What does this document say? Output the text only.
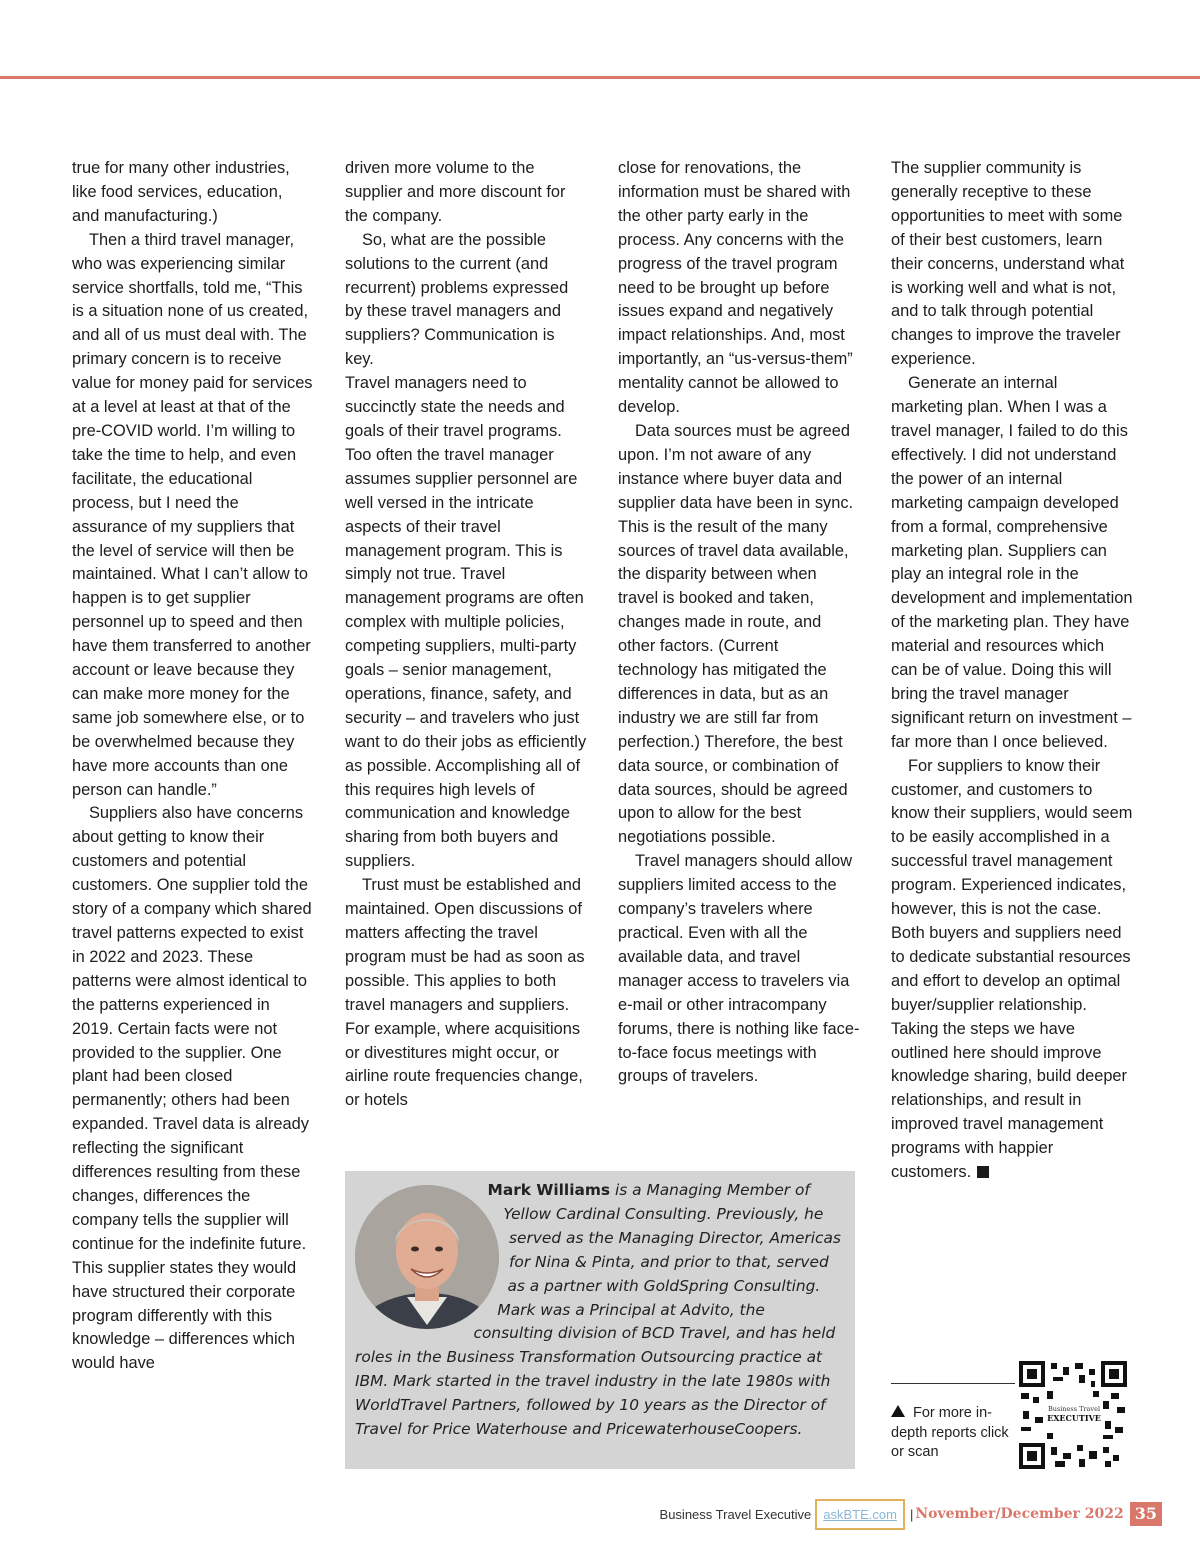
true for many other industries, like food services, education, and manufacturing.)

Then a third travel manager, who was experiencing similar service shortfalls, told me, “This is a situation none of us created, and all of us must deal with. The primary concern is to receive value for money paid for services at a level at least at that of the pre-COVID world. I’m willing to take the time to help, and even facilitate, the educational process, but I need the assurance of my suppliers that the level of service will then be maintained. What I can’t allow to happen is to get supplier personnel up to speed and then have them transferred to another account or leave because they can make more money for the same job somewhere else, or to be overwhelmed because they have more accounts than one person can handle.”

Suppliers also have concerns about getting to know their customers and potential customers. One supplier told the story of a company which shared travel patterns expected to exist in 2022 and 2023. These patterns were almost identical to the patterns experienced in 2019. Certain facts were not provided to the supplier. One plant had been closed permanently; others had been expanded. Travel data is already reflecting the significant differences resulting from these changes, differences the company tells the supplier will continue for the indefinite future.

This supplier states they would have structured their corporate program differently with this knowledge – differences which would have

driven more volume to the supplier and more discount for the company.

So, what are the possible solutions to the current (and recurrent) problems expressed by these travel managers and suppliers? Communication is key.

Travel managers need to succinctly state the needs and goals of their travel programs. Too often the travel manager assumes supplier personnel are well versed in the intricate aspects of their travel management program. This is simply not true. Travel management programs are often complex with multiple policies, competing suppliers, multi-party goals – senior management, operations, finance, safety, and security – and travelers who just want to do their jobs as efficiently as possible. Accomplishing all of this requires high levels of communication and knowledge sharing from both buyers and suppliers.

Trust must be established and maintained. Open discussions of matters affecting the travel program must be had as soon as possible. This applies to both travel managers and suppliers. For example, where acquisitions or divestitures might occur, or airline route frequencies change, or hotels

close for renovations, the information must be shared with the other party early in the process. Any concerns with the progress of the travel program need to be brought up before issues expand and negatively impact relationships. And, most importantly, an “us-versus-them” mentality cannot be allowed to develop.

Data sources must be agreed upon. I’m not aware of any instance where buyer data and supplier data have been in sync. This is the result of the many sources of travel data available, the disparity between when travel is booked and taken, changes made in route, and other factors. (Current technology has mitigated the differences in data, but as an industry we are still far from perfection.) Therefore, the best data source, or combination of data sources, should be agreed upon to allow for the best negotiations possible.

Travel managers should allow suppliers limited access to the company’s travelers where practical. Even with all the available data, and travel manager access to travelers via e-mail or other intracompany forums, there is nothing like face-to-face focus meetings with groups of travelers.

The supplier community is generally receptive to these opportunities to meet with some of their best customers, learn their concerns, understand what is working well and what is not, and to talk through potential changes to improve the traveler experience.

Generate an internal marketing plan. When I was a travel manager, I failed to do this effectively. I did not understand the power of an internal marketing campaign developed from a formal, comprehensive marketing plan. Suppliers can play an integral role in the development and implementation of the marketing plan. They have material and resources which can be of value. Doing this will bring the travel manager significant return on investment – far more than I once believed.

For suppliers to know their customer, and customers to know their suppliers, would seem to be easily accomplished in a successful travel management program. Experienced indicates, however, this is not the case. Both buyers and suppliers need to dedicate substantial resources and effort to develop an optimal buyer/supplier relationship.

Taking the steps we have outlined here should improve knowledge sharing, build deeper relationships, and result in improved travel management programs with happier customers.

Mark Williams is a Managing Member of Yellow Cardinal Consulting. Previously, he served as the Managing Director, Americas for Nina & Pinta, and prior to that, served as a partner with GoldSpring Consulting. Mark was a Principal at Advito, the consulting division of BCD Travel, and has held roles in the Business Transformation Outsourcing practice at IBM. Mark started in the travel industry in the late 1980s with WorldTravel Partners, followed by 10 years as the Director of Travel for Price Waterhouse and PricewaterhouseCoopers.
For more in-depth reports click or scan
Business Travel
EXECUTIVE
Business Travel Executive askBTE.com	| November/December 2022 35
